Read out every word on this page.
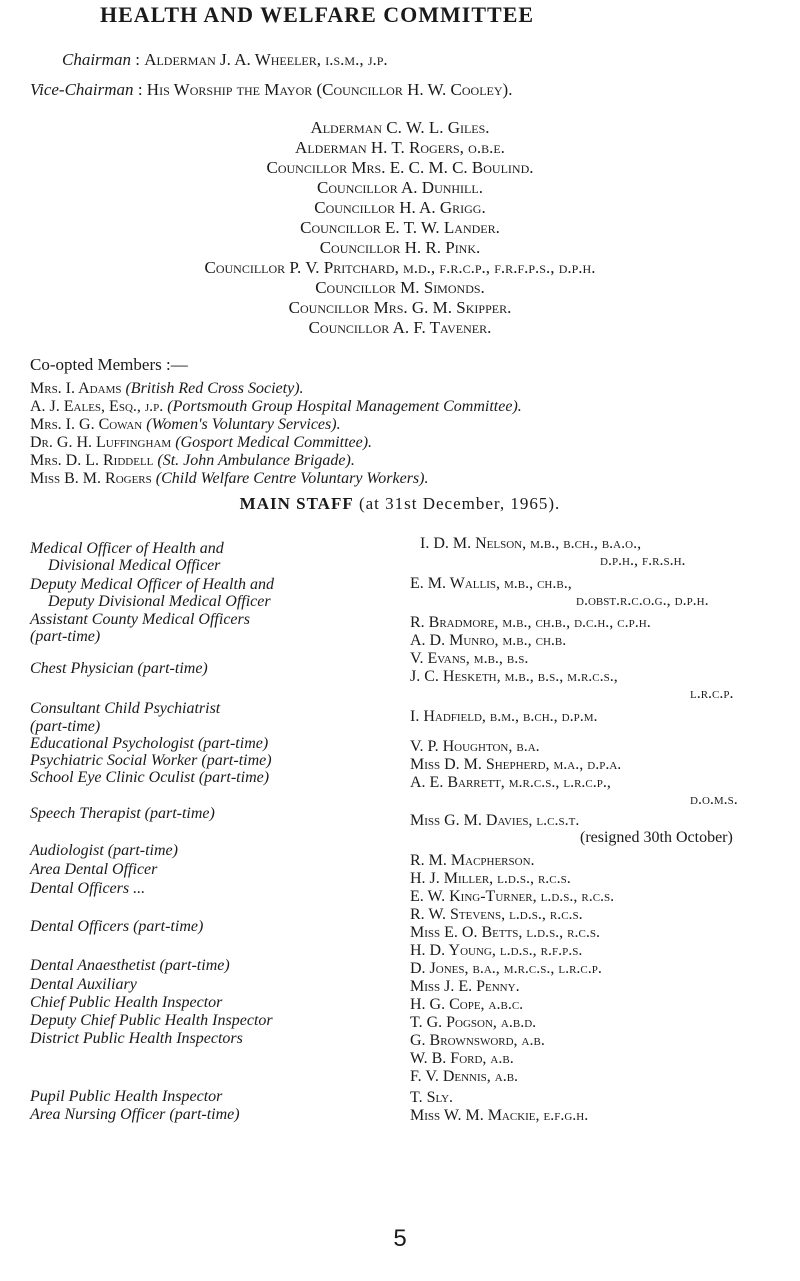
HEALTH AND WELFARE COMMITTEE
Chairman : Alderman J. A. Wheeler, i.s.m., j.p.
Vice-Chairman : His Worship the Mayor (Councillor H. W. Cooley).
Alderman C. W. L. Giles.
Alderman H. T. Rogers, o.b.e.
Councillor Mrs. E. C. M. C. Boulind.
Councillor A. Dunhill.
Councillor H. A. Grigg.
Councillor E. T. W. Lander.
Councillor H. R. Pink.
Councillor P. V. Pritchard, m.d., f.r.c.p., f.r.f.p.s., d.p.h.
Councillor M. Simonds.
Councillor Mrs. G. M. Skipper.
Councillor A. F. Tavener.
Co-opted Members :—
Mrs. I. Adams (British Red Cross Society).
A. J. Eales, Esq., j.p. (Portsmouth Group Hospital Management Committee).
Mrs. I. G. Cowan (Women's Voluntary Services).
Dr. G. H. Luffingham (Gosport Medical Committee).
Mrs. D. L. Riddell (St. John Ambulance Brigade).
Miss B. M. Rogers (Child Welfare Centre Voluntary Workers).
MAIN STAFF (at 31st December, 1965).
Medical Officer of Health and
Divisional Medical Officer
Deputy Medical Officer of Health and
Deputy Divisional Medical Officer
Assistant County Medical Officers
(part-time)
Chest Physician (part-time)
Consultant Child Psychiatrist
(part-time)
Educational Psychologist (part-time)
Psychiatric Social Worker (part-time)
School Eye Clinic Oculist (part-time)
Speech Therapist (part-time)
Audiologist (part-time)
Area Dental Officer
Dental Officers ...
Dental Officers (part-time)
Dental Anaesthetist (part-time)
Dental Auxiliary
Chief Public Health Inspector
Deputy Chief Public Health Inspector
District Public Health Inspectors
Pupil Public Health Inspector
Area Nursing Officer (part-time)
I. D. M. Nelson, m.b., b.ch., b.a.o.,
d.p.h., f.r.s.h.
E. M. Wallis, m.b., ch.b.,
d.obst.r.c.o.g., d.p.h.
R. Bradmore, m.b., ch.b., d.c.h., c.p.h.
A. D. Munro, m.b., ch.b.
V. Evans, m.b., b.s.
J. C. Hesketh, m.b., b.s., m.r.c.s.,
l.r.c.p.
I. Hadfield, b.m., b.ch., d.p.m.
V. P. Houghton, b.a.
Miss D. M. Shepherd, m.a., d.p.a.
A. E. Barrett, m.r.c.s., l.r.c.p.,
d.o.m.s.
Miss G. M. Davies, l.c.s.t.
(resigned 30th October)
R. M. Macpherson.
H. J. Miller, l.d.s., r.c.s.
E. W. King-Turner, l.d.s., r.c.s.
R. W. Stevens, l.d.s., r.c.s.
Miss E. O. Betts, l.d.s., r.c.s.
H. D. Young, l.d.s., r.f.p.s.
D. Jones, b.a., m.r.c.s., l.r.c.p.
Miss J. E. Penny.
H. G. Cope, a.b.c.
T. G. Pogson, a.b.d.
G. Brownsword, a.b.
W. B. Ford, a.b.
F. V. Dennis, a.b.
T. Sly.
Miss W. M. Mackie, e.f.g.h.
5
